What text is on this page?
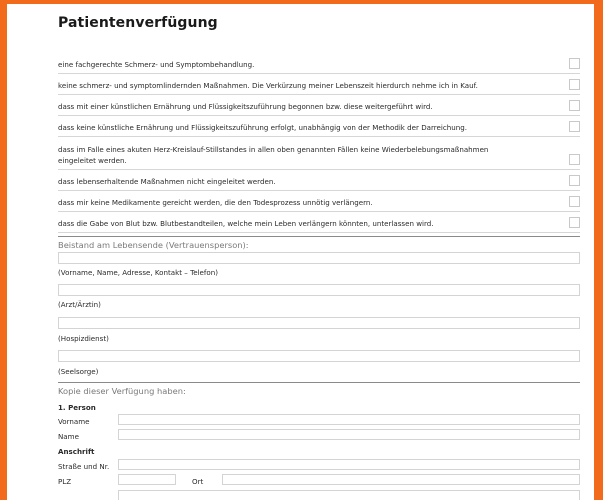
Patientenverfügung
eine fachgerechte Schmerz- und Symptombehandlung.
keine schmerz- und symptomlindernden Maßnahmen. Die Verkürzung meiner Lebenszeit hierdurch nehme ich in Kauf.
dass mit einer künstlichen Ernährung und Flüssigkeitszuführung begonnen bzw. diese weitergeführt wird.
dass keine künstliche Ernährung und Flüssigkeitszuführung erfolgt, unabhängig von der Methodik der Darreichung.
dass im Falle eines akuten Herz-Kreislauf-Stillstandes in allen oben genannten Fällen keine Wiederbelebungsmaßnahmen eingeleitet werden.
dass lebenserhaltende Maßnahmen nicht eingeleitet werden.
dass mir keine Medikamente gereicht werden, die den Todesprozess unnötig verlängern.
dass die Gabe von Blut bzw. Blutbestandteilen, welche mein Leben verlängern könnten, unterlassen wird.
Beistand am Lebensende (Vertrauensperson):
(Vorname, Name, Adresse, Kontakt – Telefon)
(Arzt/Ärztin)
(Hospizdienst)
(Seelsorge)
Kopie dieser Verfügung haben:
1. Person
Vorname
Name
Anschrift
Straße und Nr.
PLZ	Ort
